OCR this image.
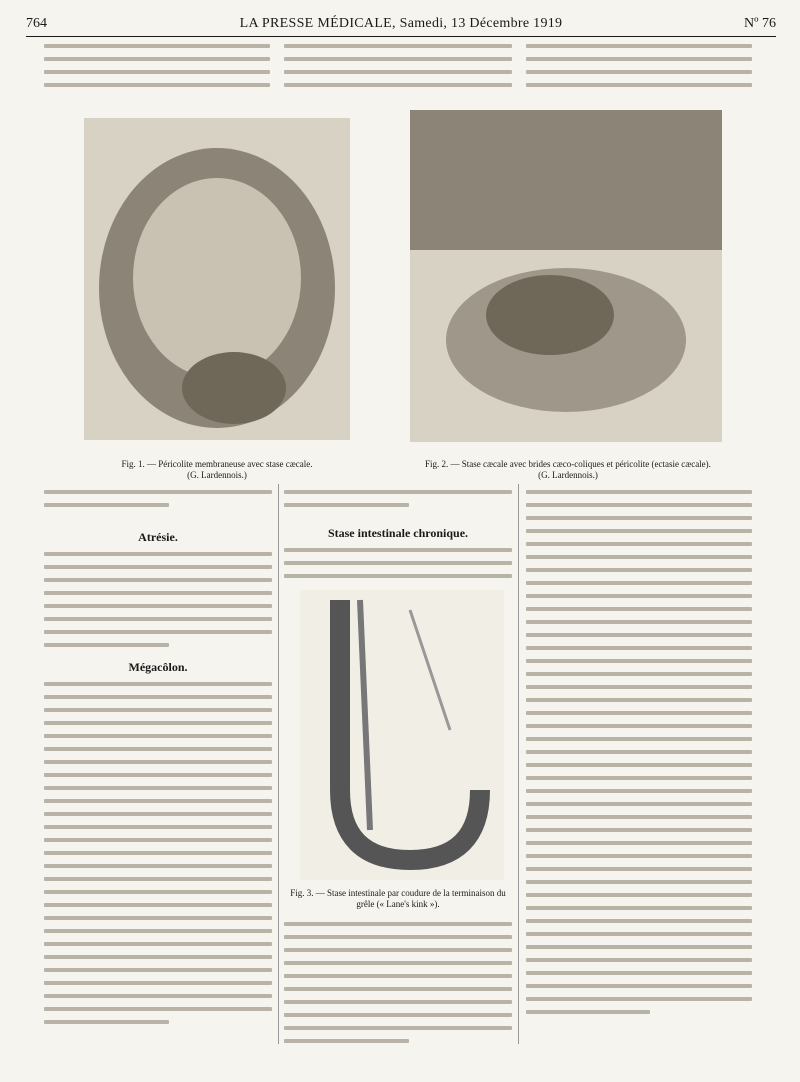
764	LA PRESSE MÉDICALE, Samedi, 13 Décembre 1919	Nº 76
Fig. 1. — Péricolite membraneuse avec stase cæcale.
(G. Lardennois.)
Fig. 2. — Stase cæcale avec brides cæco-coliques et péricolite (ectasie cæcale).
(G. Lardennois.)
Atrésie.
Mégacôlon.
Stase intestinale chronique.
Fig. 3. — Stase intestinale par coudure de la terminaison du grêle (« Lane's kink »).
